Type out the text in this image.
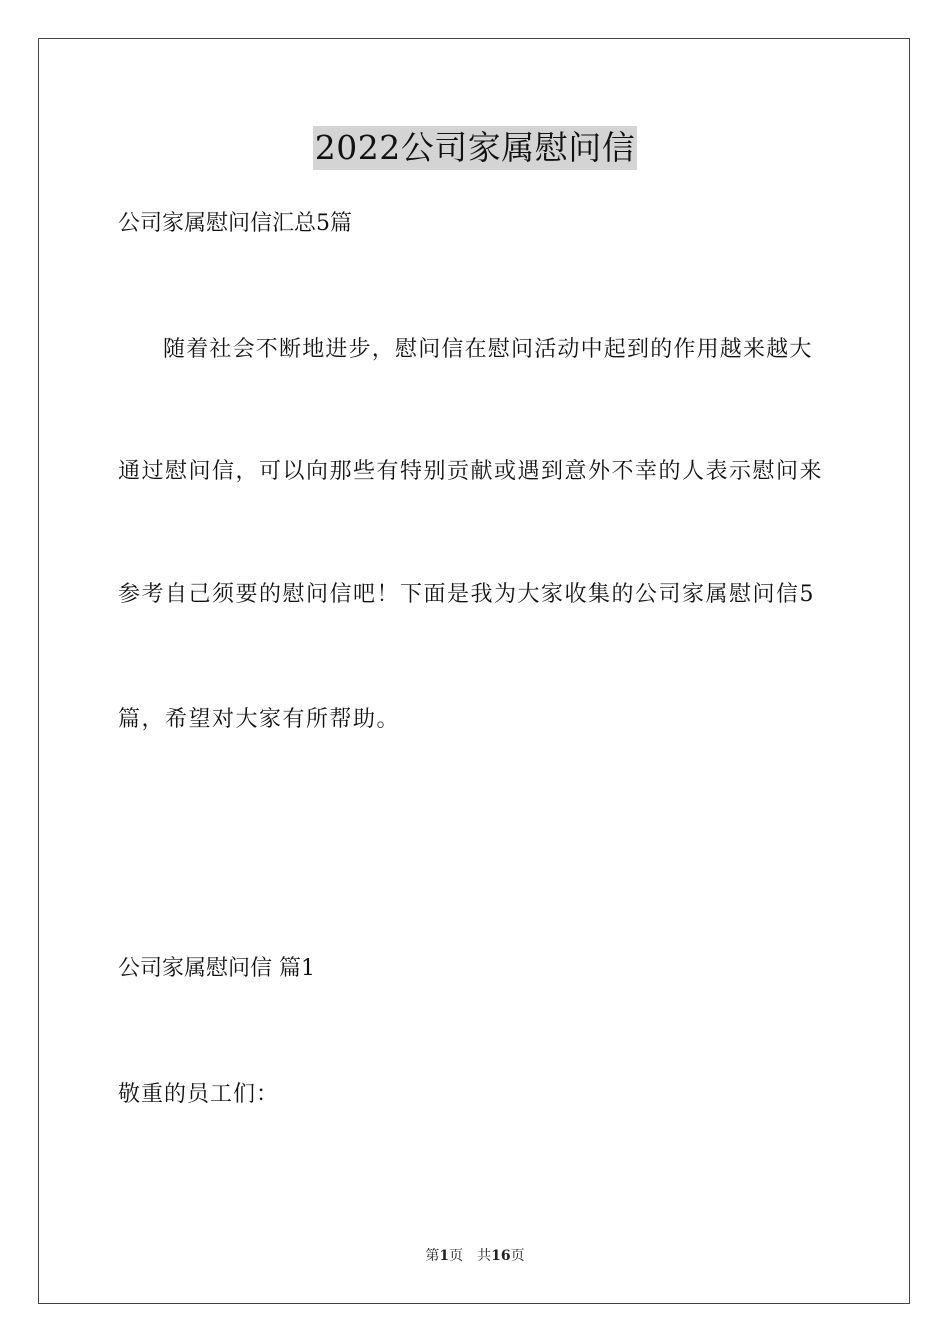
2022公司家属慰问信
公司家属慰问信汇总5篇
随着社会不断地进步，慰问信在慰问活动中起到的作用越来越大
通过慰问信，可以向那些有特别贡献或遇到意外不幸的人表示慰问来
参考自己须要的慰问信吧！下面是我为大家收集的公司家属慰问信5
篇，希望对大家有所帮助。
公司家属慰问信 篇1
敬重的员工们：
第1页 共16页
